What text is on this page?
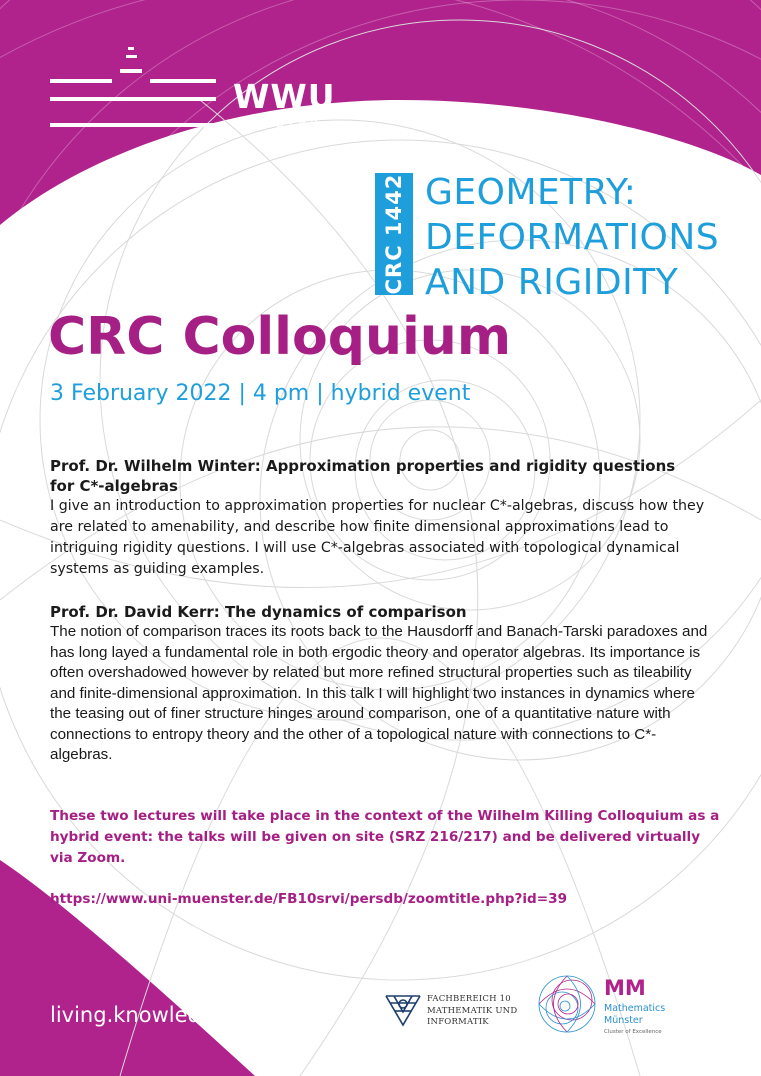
WWU
MÜNSTER
CRC 1442 GEOMETRY:
DEFORMATIONS
AND RIGIDITY
CRC Colloquium
3 February 2022 | 4 pm | hybrid event
Prof. Dr. Wilhelm Winter: Approximation properties and rigidity questions
for C*-algebras
I give an introduction to approximation properties for nuclear C*-algebras, discuss how they are related to amenability, and describe how finite dimensional approximations lead to intriguing rigidity questions. I will use C*-algebras associated with topological dynamical systems as guiding examples.
Prof. Dr. David Kerr: The dynamics of comparison
The notion of comparison traces its roots back to the Hausdorff and Banach-Tarski paradoxes and has long layed a fundamental role in both ergodic theory and operator algebras. Its importance is often overshadowed however by related but more refined structural properties such as tileability and finite-dimensional approximation. In this talk I will highlight two instances in dynamics where the teasing out of finer structure hinges around comparison, one of a quantitative nature with connections to entropy theory and the other of a topological nature with connections to C*-algebras.
These two lectures will take place in the context of the Wilhelm Killing Colloquium as a hybrid event: the talks will be given on site (SRZ 216/217) and be delivered virtually via Zoom.
https://www.uni-muenster.de/FB10srvi/persdb/zoomtitle.php?id=39
living.knowledge
FACHBEREICH 10
MATHEMATIK UND
INFORMATIK
MM
Mathematics
Münster
Cluster of Excellence
